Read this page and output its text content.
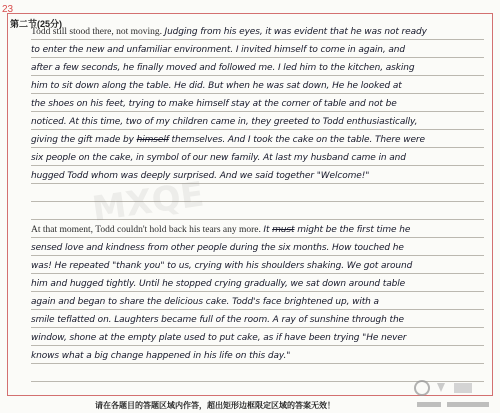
23
第二节(25分)
Todd still stood there, not moving. Judging from his eyes, it was evident that he was not ready
to enter the new and unfamiliar environment. I invited himself to come in again, and
after a few seconds, he finally moved and followed me. I led him to the kitchen, asking
him to sit down along the table. He did. But when he was sat down, He he looked at
the shoes on his feet, trying to make himself stay at the corner of table and not be
noticed. At this time, two of my children came in, they greeted to Todd enthusiastically,
giving the gift made by himself themselves. And I took the cake on the table. There were
six people on the cake, in symbol of our new family. At last my husband came in and
hugged Todd whom was deeply surprised. And we said together "Welcome!"
At that moment, Todd couldn't hold back his tears any more. It must might be the first time he
sensed love and kindness from other people during the six months. How touched he
was! He repeated "thank you" to us, crying with his shoulders shaking. We got around
him and hugged tightly. Until he stopped crying gradually, we sat down around table
again and began to share the delicious cake. Todd's face brightened up, with a
smile teflatted on. Laughters became full of the room. A ray of sunshine through the
window, shone at the empty plate used to put cake, as if have been trying "He never
knows what a big change happened in his life on this day."
MXQE
请在各题目的答题区域内作答，超出矩形边框限定区域的答案无效！
